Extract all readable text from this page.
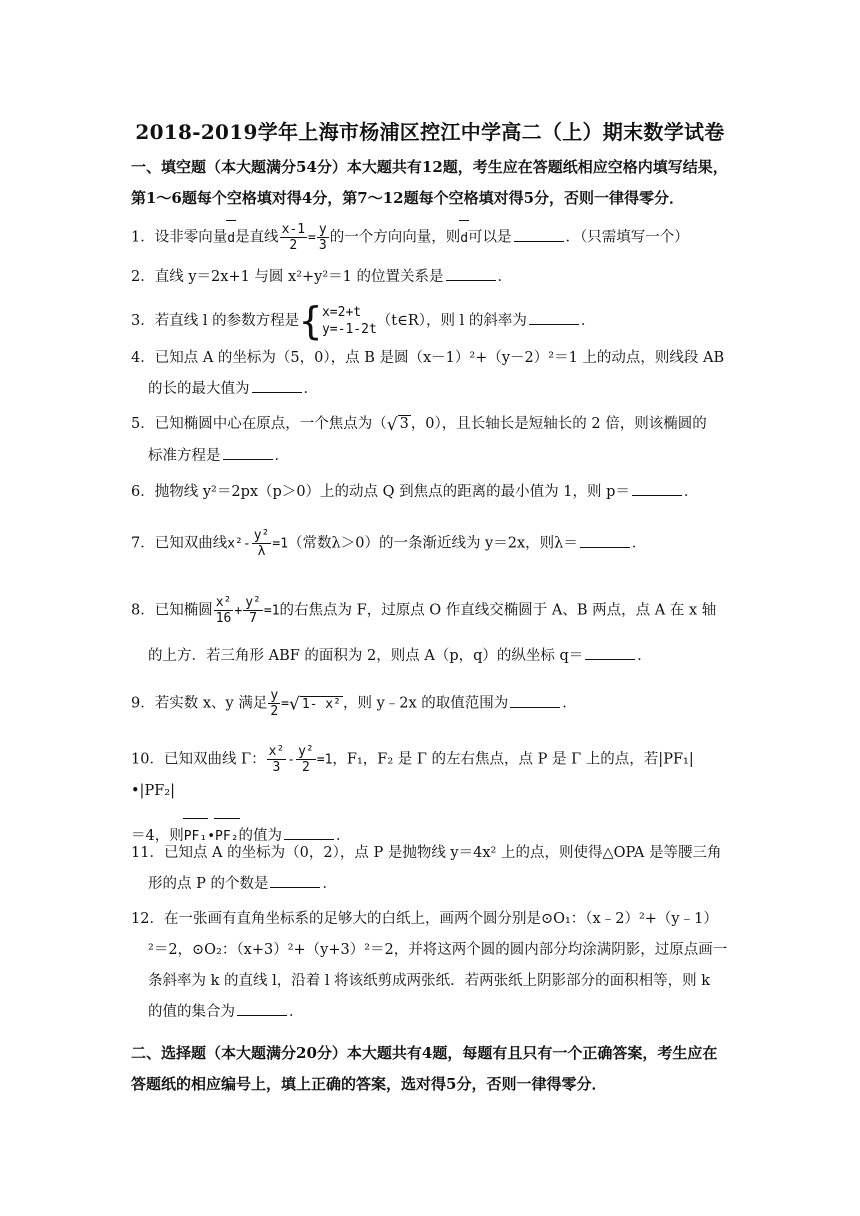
2018-2019学年上海市杨浦区控江中学高二（上）期末数学试卷
一、填空题（本大题满分54分）本大题共有12题，考生应在答题纸相应空格内填写结果，
第1～6题每个空格填对得4分，第7～12题每个空格填对得5分，否则一律得零分．
1．设非零向量d是直线 $\frac{x-1}{2} = \frac{y}{3}$ 的一个方向向量，则d可以是	．（只需填写一个）
2．直线 y＝2x+1 与圆 x²+y²＝1 的位置关系是	．
3．若直线 l 的参数方程是 { x=2+t
y=-1-2t
（t∈R），则 l 的斜率为	．
4．已知点 A 的坐标为（5，0），点 B 是圆（x－1）²+（y－2）²＝1 上的动点，则线段 AB
的长的最大值为	．
5．已知椭圆中心在原点，一个焦点为（√ 3 ，0），且长轴长是短轴长的 2 倍，则该椭圆的
标准方程是	．
6．抛物线 y²＝2px（p＞0）上的动点 Q 到焦点的距离的最小值为 1，则 p＝	．
7．已知双曲线$x^2- \frac{\text{y²}}{\lambda} =1$（常数λ＞0）的一条渐近线为 y＝2x，则λ＝	．
8．已知椭圆 $\frac{\text{x²}}{16} + \frac{\text{y²}}{7} =1$的右焦点为 F，过原点 O 作直线交椭圆于 A、B 两点，点 A 在 x 轴
的上方．若三角形 ABF 的面积为 2，则点 A（p，q）的纵坐标 q＝	．
9．若实数 x、y 满足 $\frac{y}{2}$ =√ 1- x² ，则 y﹣2x 的取值范围为	．
10．已知双曲线 Γ： $\frac{\text{x²}}{3} - \frac{\text{y²}}{2} =1$，F₁，F₂ 是 Γ 的左右焦点，点 P 是 Γ 上的点，若|PF₁|•|PF₂|
＝4，则PF₁•PF₂的值为	．
11．已知点 A 的坐标为（0，2），点 P 是抛物线 y＝4x² 上的点，则使得△OPA 是等腰三角
形的点 P 的个数是	．
12．在一张画有直角坐标系的足够大的白纸上，画两个圆分别是⊙O₁：（x﹣2）²+（y﹣1）
²＝2，⊙O₂：（x+3）²+（y+3）²＝2，并将这两个圆的圆内部分均涂满阴影，过原点画一
条斜率为 k 的直线 l，沿着 l 将该纸剪成两张纸．若两张纸上阴影部分的面积相等，则 k
的值的集合为	．
二、选择题（本大题满分20分）本大题共有4题，每题有且只有一个正确答案，考生应在
答题纸的相应编号上，填上正确的答案，选对得5分，否则一律得零分．
